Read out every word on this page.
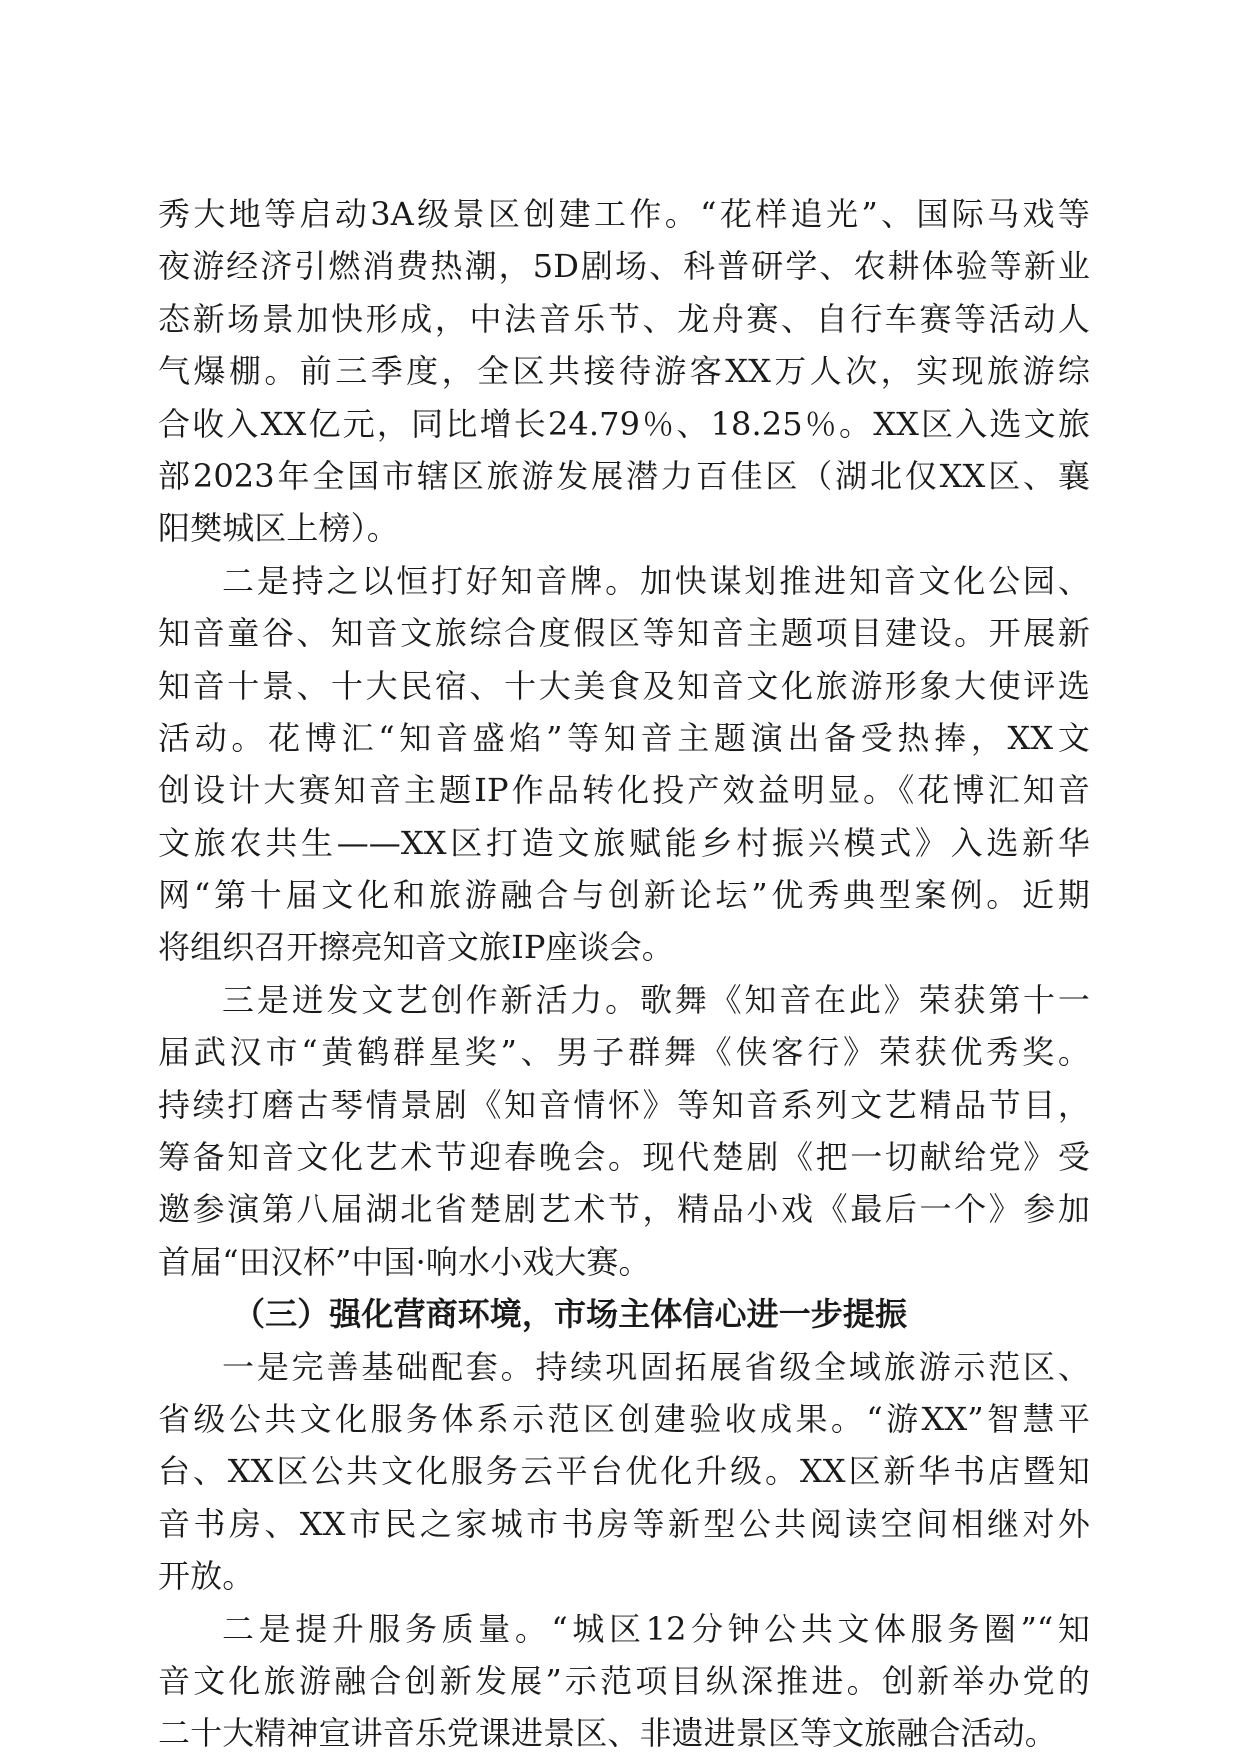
秀大地等启动3A级景区创建工作。“花样追光”、国际马戏等
夜游经济引燃消费热潮，5D剧场、科普研学、农耕体验等新业
态新场景加快形成，中法音乐节、龙舟赛、自行车赛等活动人
气爆棚。前三季度，全区共接待游客XX万人次，实现旅游综
合收入XX亿元，同比增长24.79％、18.25％。XX区入选文旅
部2023年全国市辖区旅游发展潜力百佳区（湖北仅XX区、襄
阳樊城区上榜）。
二是持之以恒打好知音牌。加快谋划推进知音文化公园、
知音童谷、知音文旅综合度假区等知音主题项目建设。开展新
知音十景、十大民宿、十大美食及知音文化旅游形象大使评选
活动。花博汇“知音盛焰”等知音主题演出备受热捧，XX文
创设计大赛知音主题IP作品转化投产效益明显。《花博汇知音
文旅农共生——XX区打造文旅赋能乡村振兴模式》入选新华
网“第十届文化和旅游融合与创新论坛”优秀典型案例。近期
将组织召开擦亮知音文旅IP座谈会。
三是迸发文艺创作新活力。歌舞《知音在此》荣获第十一
届武汉市“黄鹤群星奖”、男子群舞《侠客行》荣获优秀奖。
持续打磨古琴情景剧《知音情怀》等知音系列文艺精品节目，
筹备知音文化艺术节迎春晚会。现代楚剧《把一切献给党》受
邀参演第八届湖北省楚剧艺术节，精品小戏《最后一个》参加
首届“田汉杯”中国·响水小戏大赛。
（三）强化营商环境，市场主体信心进一步提振
一是完善基础配套。持续巩固拓展省级全域旅游示范区、
省级公共文化服务体系示范区创建验收成果。“游XX”智慧平
台、XX区公共文化服务云平台优化升级。XX区新华书店暨知
音书房、XX市民之家城市书房等新型公共阅读空间相继对外
开放。
二是提升服务质量。“城区12分钟公共文体服务圈”“知
音文化旅游融合创新发展”示范项目纵深推进。创新举办党的
二十大精神宣讲音乐党课进景区、非遗进景区等文旅融合活动。
